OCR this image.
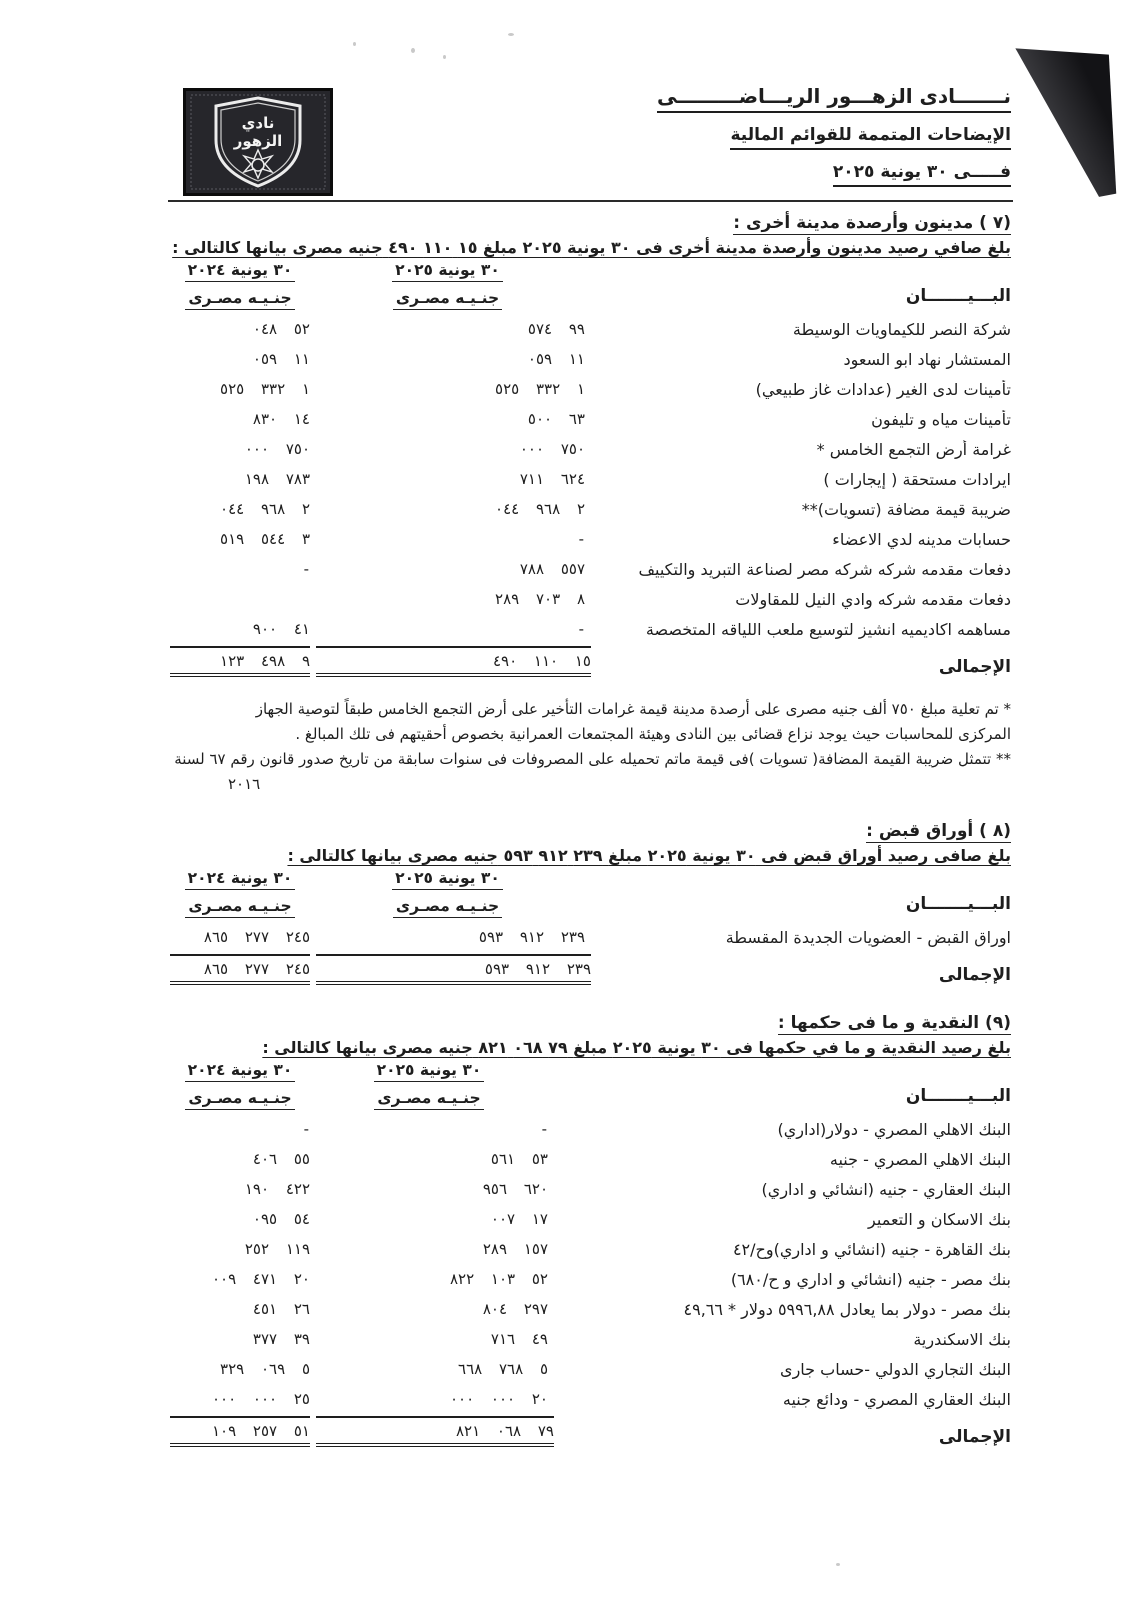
نادي
الزهور
نـــــــادى الزهـــور الريـــاضـــــــــى
الإيضاحات المتممة للقوائم المالية
فـــــى ٣٠ يونية ٢٠٢٥
(٧ ) مدينون وأرصدة مدينة أخرى :
بلغ صافي رصيد مدينون وأرصدة مدينة أخرى فى ٣٠ يونية ٢٠٢٥ مبلغ ١٥ ١١٠ ٤٩٠ جنيه مصرى بيانها كالتالى :
البـــيـــــــان
٣٠ يونية ٢٠٢٥
جنـيـه مصـرى
٣٠ يونية ٢٠٢٤
جنـيـه مصـرى
شركة النصر للكيماويات الوسيطة
٩٩ ٥٧٤
٥٢ ٠٤٨
المستشار نهاد ابو السعود
١١ ٠٥٩
١١ ٠٥٩
تأمينات لدى الغير (عدادات غاز طبيعي)
١ ٣٣٢ ٥٢٥
١ ٣٣٢ ٥٢٥
تأمينات مياه و تليفون
٦٣ ٥٠٠
١٤ ٨٣٠
غرامة أرض التجمع الخامس *
٧٥٠ ٠٠٠
٧٥٠ ٠٠٠
ايرادات مستحقة ( إيجارات )
٦٢٤ ٧١١
٧٨٣ ١٩٨
ضريبة قيمة مضافة (تسويات)**
٢ ٩٦٨ ٠٤٤
٢ ٩٦٨ ٠٤٤
حسابات مدينه لدي الاعضاء
-
٣ ٥٤٤ ٥١٩
دفعات مقدمه شركه شركه مصر لصناعة التبريد والتكييف
٥٥٧ ٧٨٨
-
دفعات مقدمه شركه وادي النيل للمقاولات
٨ ٧٠٣ ٢٨٩
مساهمه اكاديميه انشيز لتوسيع ملعب اللياقه المتخصصة
-
٤١ ٩٠٠
الإجمالى
١٥ ١١٠ ٤٩٠
٩ ٤٩٨ ١٢٣
* تم تعلية مبلغ ٧٥٠ ألف جنيه مصرى على أرصدة مدينة قيمة غرامات التأخير على أرض التجمع الخامس طبقاً لتوصية الجهاز
المركزى للمحاسبات حيث يوجد نزاع قضائى بين النادى وهيئة المجتمعات العمرانية بخصوص أحقيتهم فى تلك المبالغ .
** تتمثل ضريبة القيمة المضافة( تسويات )فى قيمة ماتم تحميله على المصروفات فى سنوات سابقة من تاريخ صدور قانون رقم ٦٧ لسنة
٢٠١٦
(٨ ) أوراق قبض :
بلغ صافى رصيد أوراق قبض فى ٣٠ يونية ٢٠٢٥ مبلغ ٢٣٩ ٩١٢ ٥٩٣ جنيه مصرى بيانها كالتالى :
البـــيـــــــان
٣٠ يونية ٢٠٢٥
جنـيـه مصـرى
٣٠ يونية ٢٠٢٤
جنـيـه مصـرى
اوراق القبض - العضويات الجديدة المقسطة
٢٣٩ ٩١٢ ٥٩٣
٢٤٥ ٢٧٧ ٨٦٥
الإجمالى
٢٣٩ ٩١٢ ٥٩٣
٢٤٥ ٢٧٧ ٨٦٥
(٩) النقدية و ما فى حكمها :
بلغ رصيد النقدية و ما في حكمها فى ٣٠ يونية ٢٠٢٥ مبلغ ٧٩ ٠٦٨ ٨٢١ جنيه مصرى بيانها كالتالى :
البـــيـــــــان
٣٠ يونية ٢٠٢٥
جنـيـه مصـرى
٣٠ يونية ٢٠٢٤
جنـيـه مصـرى
البنك الاهلي المصري - دولار(اداري)
-
-
البنك الاهلي المصري - جنيه
٥٣ ٥٦١
٥٥ ٤٠٦
البنك العقاري - جنيه (انشائي و اداري)
٦٢٠ ٩٥٦
٤٢٢ ١٩٠
بنك الاسكان و التعمير
١٧ ٠٠٧
٥٤ ٠٩٥
بنك القاهرة - جنيه (انشائي و اداري)وح/٤٢
١٥٧ ٢٨٩
١١٩ ٢٥٢
بنك مصر - جنيه (انشائي و اداري و ح/٦٨٠)
٥٢ ١٠٣ ٨٢٢
٢٠ ٤٧١ ٠٠٩
بنك مصر - دولار بما يعادل ٥٩٩٦,٨٨ دولار * ٤٩,٦٦
٢٩٧ ٨٠٤
٢٦ ٤٥١
بنك الاسكندرية
٤٩ ٧١٦
٣٩ ٣٧٧
البنك التجاري الدولي -حساب جارى
٥ ٧٦٨ ٦٦٨
٥ ٠٦٩ ٣٢٩
البنك العقاري المصري - ودائع جنيه
٢٠ ٠٠٠ ٠٠٠
٢٥ ٠٠٠ ٠٠٠
الإجمالى
٧٩ ٠٦٨ ٨٢١
٥١ ٢٥٧ ١٠٩
